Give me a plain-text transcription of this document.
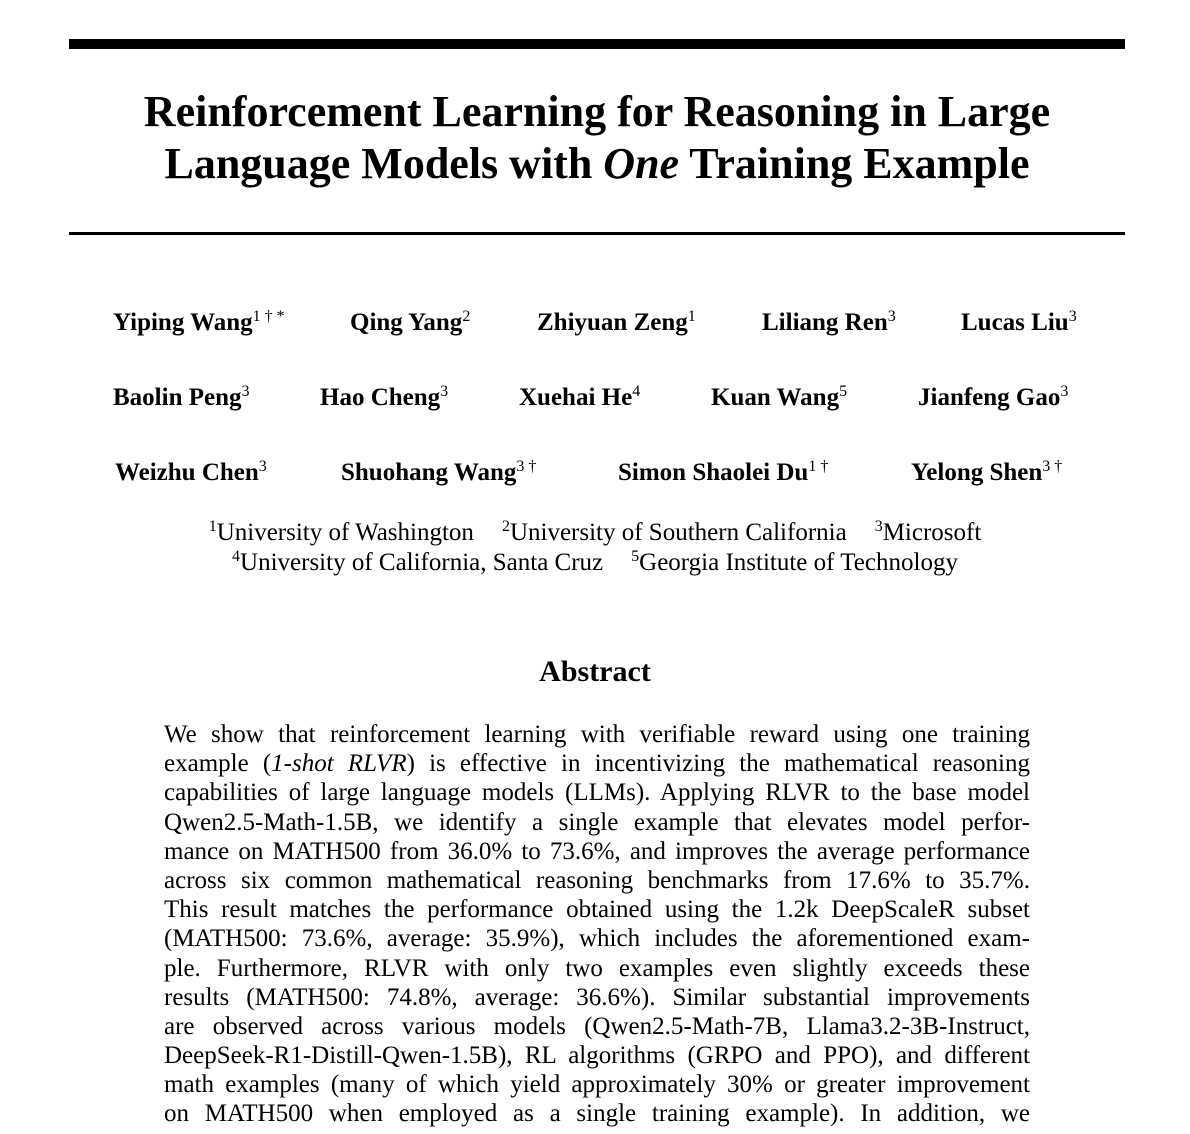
Reinforcement Learning for Reasoning in Large
Language Models with One Training Example
Yiping Wang$^{1 \dagger *}$	Qing Yang$^2$	Zhiyuan Zeng$^1$	Liliang Ren$^3$	Lucas Liu$^3$
Baolin Peng$^3$	Hao Cheng$^3$	Xuehai He$^4$	Kuan Wang$^5$	Jianfeng Gao$^3$
Weizhu Chen$^3$	Shuohang Wang$^{3 \dagger}$	Simon Shaolei $Du^{1 \dagger}$	Yelong Shen$^{3 \dagger}$
$^1$University of Washington $^2$University of Southern California $^3$Microsoft
$^4$University of California, Santa Cruz $^5$Georgia Institute of Technology
Abstract
We show that reinforcement learning with verifiable reward using one training
example (1-shot RLVR) is effective in incentivizing the mathematical reasoning
capabilities of large language models (LLMs). Applying RLVR to the base model
Qwen2.5-Math-1.5B, we identify a single example that elevates model perfor-
mance on MATH500 from 36.0% to 73.6%, and improves the average performance
across six common mathematical reasoning benchmarks from 17.6% to 35.7%.
This result matches the performance obtained using the 1.2k DeepScaleR subset
(MATH500: 73.6%, average: 35.9%), which includes the aforementioned exam-
ple. Furthermore, RLVR with only two examples even slightly exceeds these
results (MATH500: 74.8%, average: 36.6%). Similar substantial improvements
are observed across various models (Qwen2.5-Math-7B, Llama3.2-3B-Instruct,
DeepSeek-R1-Distill-Qwen-1.5B), RL algorithms (GRPO and PPO), and different
math examples (many of which yield approximately 30% or greater improvement
on MATH500 when employed as a single training example). In addition, we
